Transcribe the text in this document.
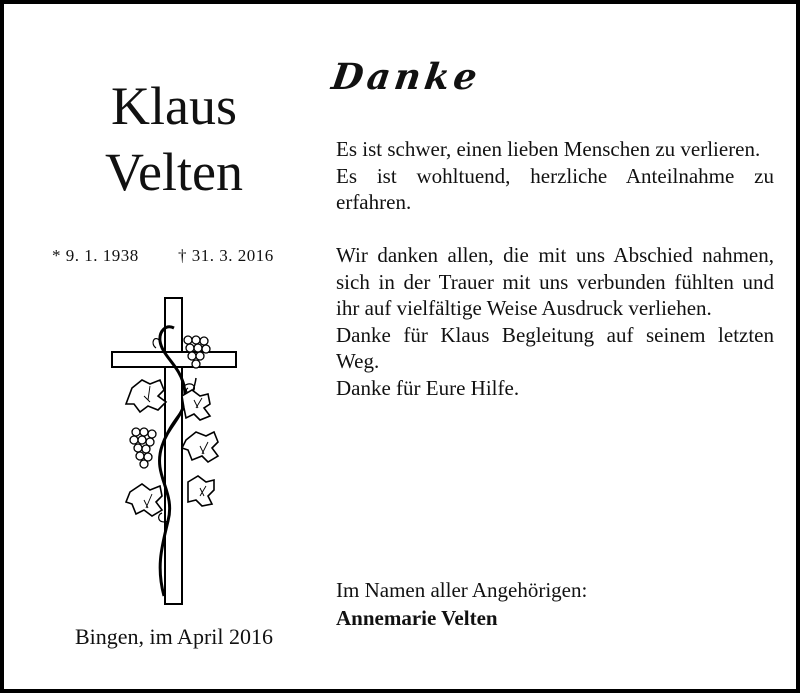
Klaus
Velten
* 9. 1. 1938 † 31. 3. 2016
Bingen, im April 2016
Danke

Es ist schwer, einen lieben Menschen zu verlieren.

Es ist wohltuend, herzliche Anteilnahme zu erfahren.

Wir danken allen, die mit uns Abschied nahmen, sich in der Trauer mit uns verbunden fühlten und ihr auf vielfältige Weise Ausdruck verliehen.

Danke für Klaus Begleitung auf seinem letzten Weg.

Danke für Eure Hilfe.

Im Namen aller Angehörigen:
Annemarie Velten
